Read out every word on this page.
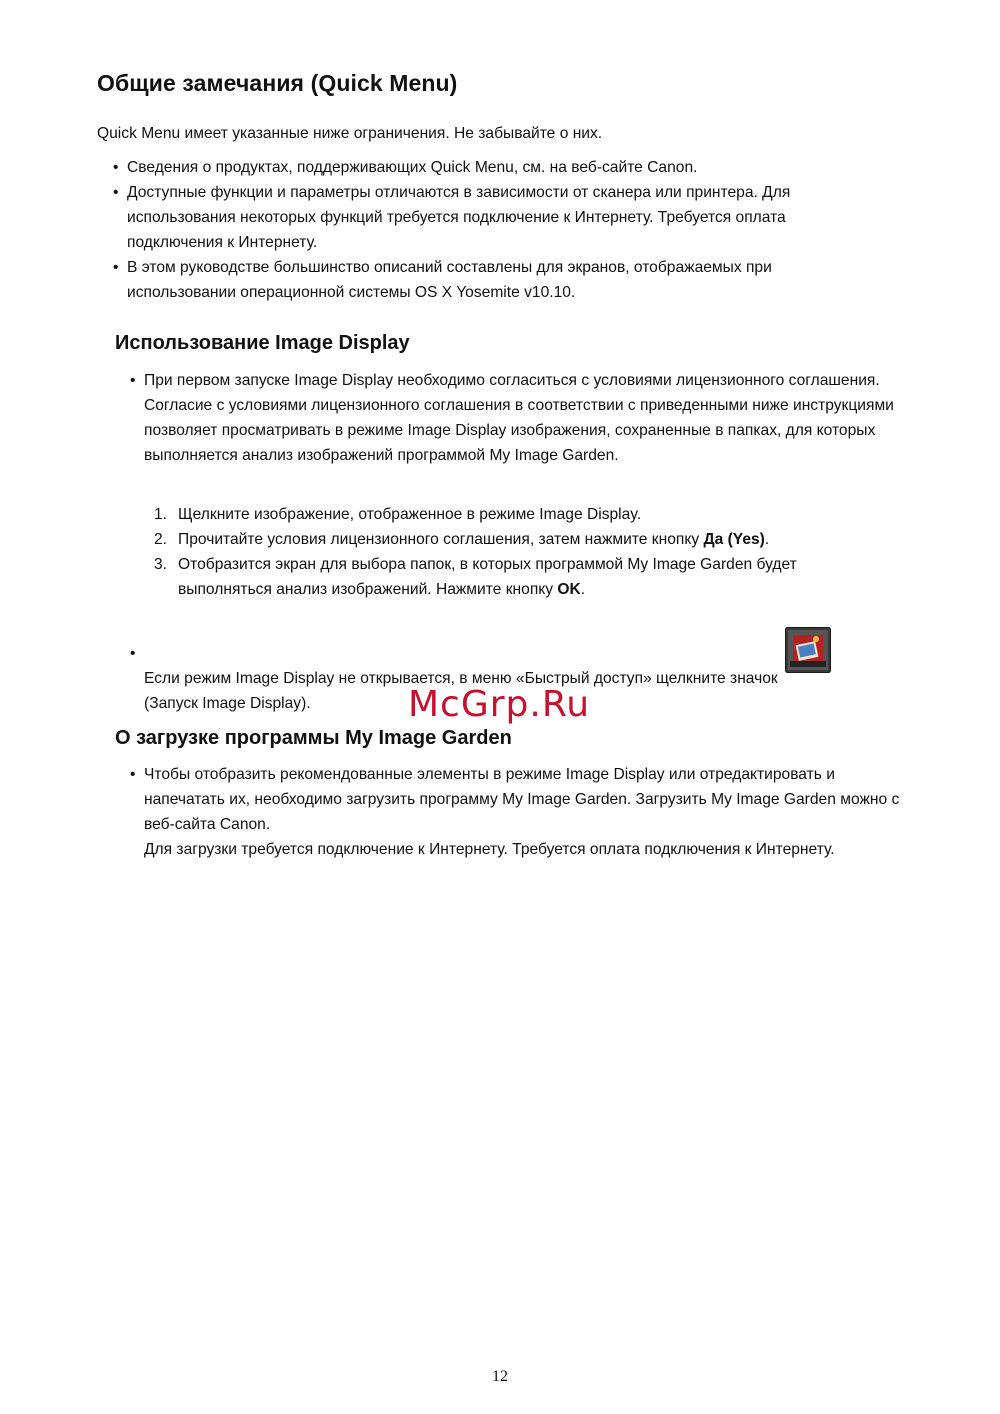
Общие замечания (Quick Menu)

Quick Menu имеет указанные ниже ограничения. Не забывайте о них.

• Сведения о продуктах, поддерживающих Quick Menu, см. на веб-сайте Canon.
• Доступные функции и параметры отличаются в зависимости от сканера или принтера. Для использования некоторых функций требуется подключение к Интернету. Требуется оплата подключения к Интернету.
• В этом руководстве большинство описаний составлены для экранов, отображаемых при использовании операционной системы OS X Yosemite v10.10.
Использование Image Display
• При первом запуске Image Display необходимо согласиться с условиями лицензионного соглашения. Согласие с условиями лицензионного соглашения в соответствии с приведенными ниже инструкциями позволяет просматривать в режиме Image Display изображения, сохраненные в папках, для которых выполняется анализ изображений программой My Image Garden.
1. Щелкните изображение, отображенное в режиме Image Display.
2. Прочитайте условия лицензионного соглашения, затем нажмите кнопку Да (Yes).
3. Отобразится экран для выбора папок, в которых программой My Image Garden будет выполняться анализ изображений. Нажмите кнопку OK.
•
Если режим Image Display не открывается, в меню «Быстрый доступ» щелкните значок
(Запуск Image Display).	McGrp.Ru
О загрузке программы My Image Garden
• Чтобы отобразить рекомендованные элементы в режиме Image Display или отредактировать и напечатать их, необходимо загрузить программу My Image Garden. Загрузить My Image Garden можно с веб-сайта Canon.
Для загрузки требуется подключение к Интернету. Требуется оплата подключения к Интернету.
12
